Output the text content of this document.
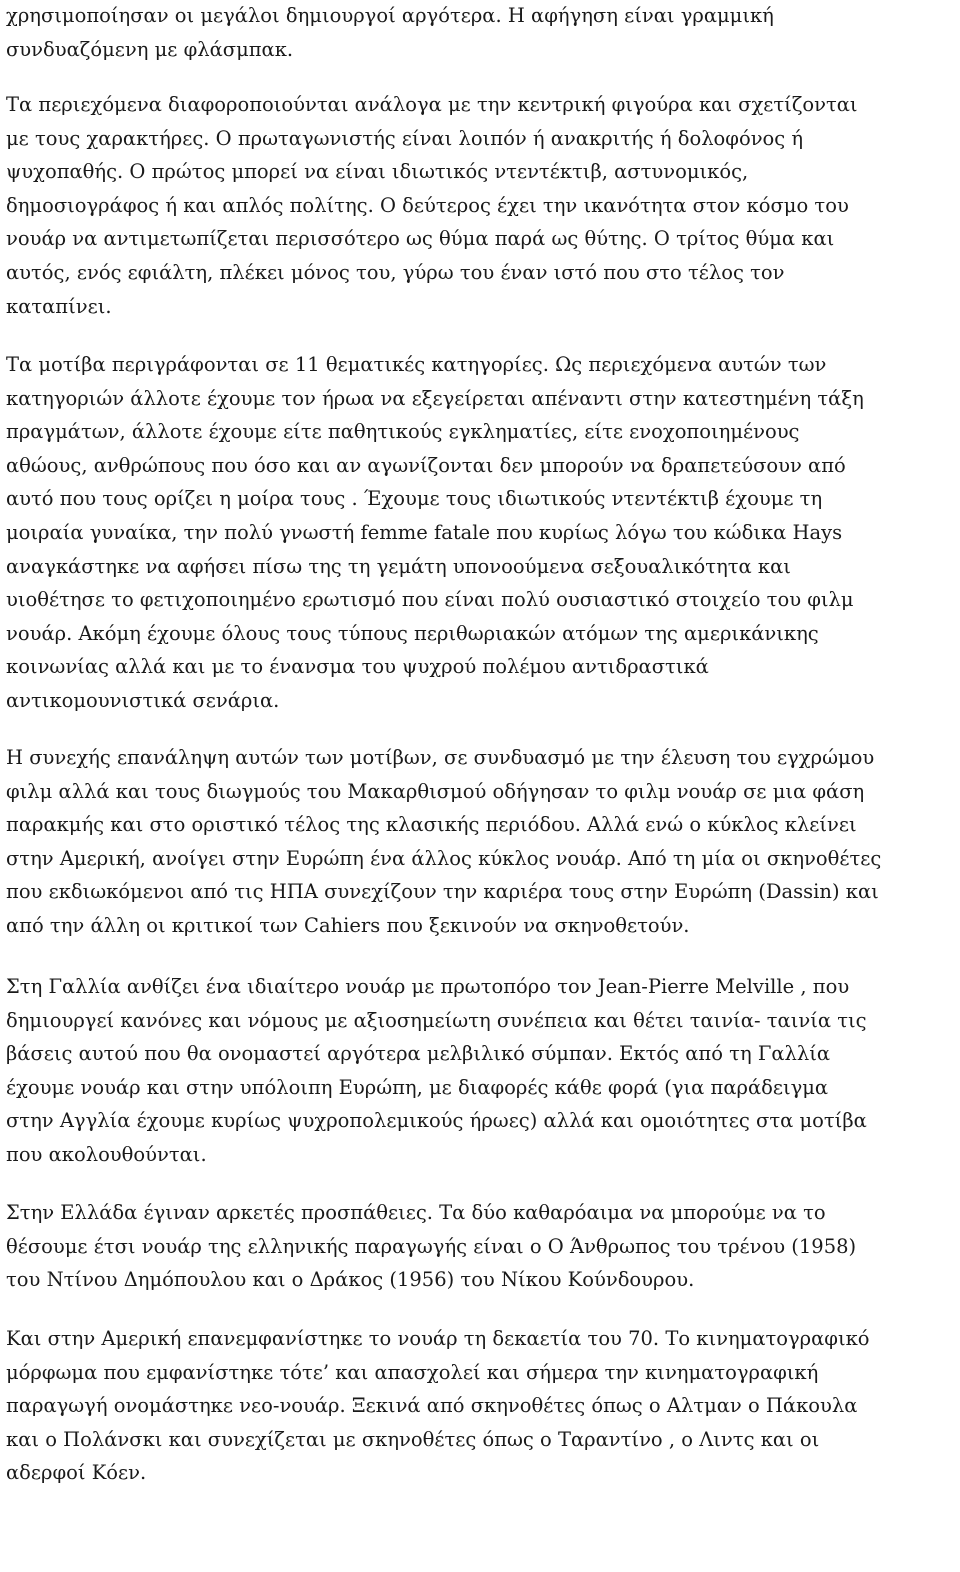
χρησιμοποίησαν οι μεγάλοι δημιουργοί αργότερα. Η αφήγηση είναι γραμμική
συνδυαζόμενη με φλάσμπακ.
Τα περιεχόμενα διαφοροποιούνται ανάλογα με την κεντρική φιγούρα και σχετίζονται
με τους χαρακτήρες. Ο πρωταγωνιστής είναι λοιπόν ή ανακριτής ή δολοφόνος ή
ψυχοπαθής. Ο πρώτος μπορεί να είναι ιδιωτικός ντεντέκτιβ, αστυνομικός,
δημοσιογράφος ή και απλός πολίτης. Ο δεύτερος έχει την ικανότητα στον κόσμο του
νουάρ να αντιμετωπίζεται περισσότερο ως θύμα παρά ως θύτης. Ο τρίτος θύμα και
αυτός, ενός εφιάλτη, πλέκει μόνος του, γύρω του έναν ιστό που στο τέλος τον
καταπίνει.
Τα μοτίβα περιγράφονται σε 11 θεματικές κατηγορίες. Ως περιεχόμενα αυτών των
κατηγοριών άλλοτε έχουμε τον ήρωα να εξεγείρεται απέναντι στην κατεστημένη τάξη
πραγμάτων, άλλοτε έχουμε είτε παθητικούς εγκληματίες, είτε ενοχοποιημένους
αθώους, ανθρώπους που όσο και αν αγωνίζονται δεν μπορούν να δραπετεύσουν από
αυτό που τους ορίζει η μοίρα τους . Έχουμε τους ιδιωτικούς ντεντέκτιβ έχουμε τη
μοιραία γυναίκα, την πολύ γνωστή femme fatale που κυρίως λόγω του κώδικα Hays
αναγκάστηκε να αφήσει πίσω της τη γεμάτη υπονοούμενα σεξουαλικότητα και
υιοθέτησε το φετιχοποιημένο ερωτισμό που είναι πολύ ουσιαστικό στοιχείο του φιλμ
νουάρ. Ακόμη έχουμε όλους τους τύπους περιθωριακών ατόμων της αμερικάνικης
κοινωνίας αλλά και με το ένανσμα του ψυχρού πολέμου αντιδραστικά
αντικομουνιστικά σενάρια.
Η συνεχής επανάληψη αυτών των μοτίβων, σε συνδυασμό με την έλευση του εγχρώμου
φιλμ αλλά και τους διωγμούς του Μακαρθισμού οδήγησαν το φιλμ νουάρ σε μια φάση
παρακμής και στο οριστικό τέλος της κλασικής περιόδου. Αλλά ενώ ο κύκλος κλείνει
στην Αμερική, ανοίγει στην Ευρώπη ένα άλλος κύκλος νουάρ. Από τη μία οι σκηνοθέτες
που εκδιωκόμενοι από τις ΗΠΑ συνεχίζουν την καριέρα τους στην Ευρώπη (Dassin) και
από την άλλη οι κριτικοί των Cahiers που ξεκινούν να σκηνοθετούν.
Στη Γαλλία ανθίζει ένα ιδιαίτερο νουάρ με πρωτοπόρο τον Jean-Pierre Melville , που
δημιουργεί κανόνες και νόμους με αξιοσημείωτη συνέπεια και θέτει ταινία- ταινία τις
βάσεις αυτού που θα ονομαστεί αργότερα μελβιλικό σύμπαν. Εκτός από τη Γαλλία
έχουμε νουάρ και στην υπόλοιπη Ευρώπη, με διαφορές κάθε φορά (για παράδειγμα
στην Αγγλία έχουμε κυρίως ψυχροπολεμικούς ήρωες) αλλά και ομοιότητες στα μοτίβα
που ακολουθούνται.
Στην Ελλάδα έγιναν αρκετές προσπάθειες. Τα δύο καθαρόαιμα να μπορούμε να το
θέσουμε έτσι νουάρ της ελληνικής παραγωγής είναι ο Ο Άνθρωπος του τρένου (1958)
του Ντίνου Δημόπουλου και ο Δράκος (1956) του Νίκου Κούνδουρου.
Και στην Αμερική επανεμφανίστηκε το νουάρ τη δεκαετία του 70. Το κινηματογραφικό
μόρφωμα που εμφανίστηκε τότε’ και απασχολεί και σήμερα την κινηματογραφική
παραγωγή ονομάστηκε νεο-νουάρ. Ξεκινά από σκηνοθέτες όπως ο Αλτμαν ο Πάκουλα
και ο Πολάνσκι και συνεχίζεται με σκηνοθέτες όπως ο Ταραντίνο , ο Λιντς και οι
αδερφοί Κόεν.
